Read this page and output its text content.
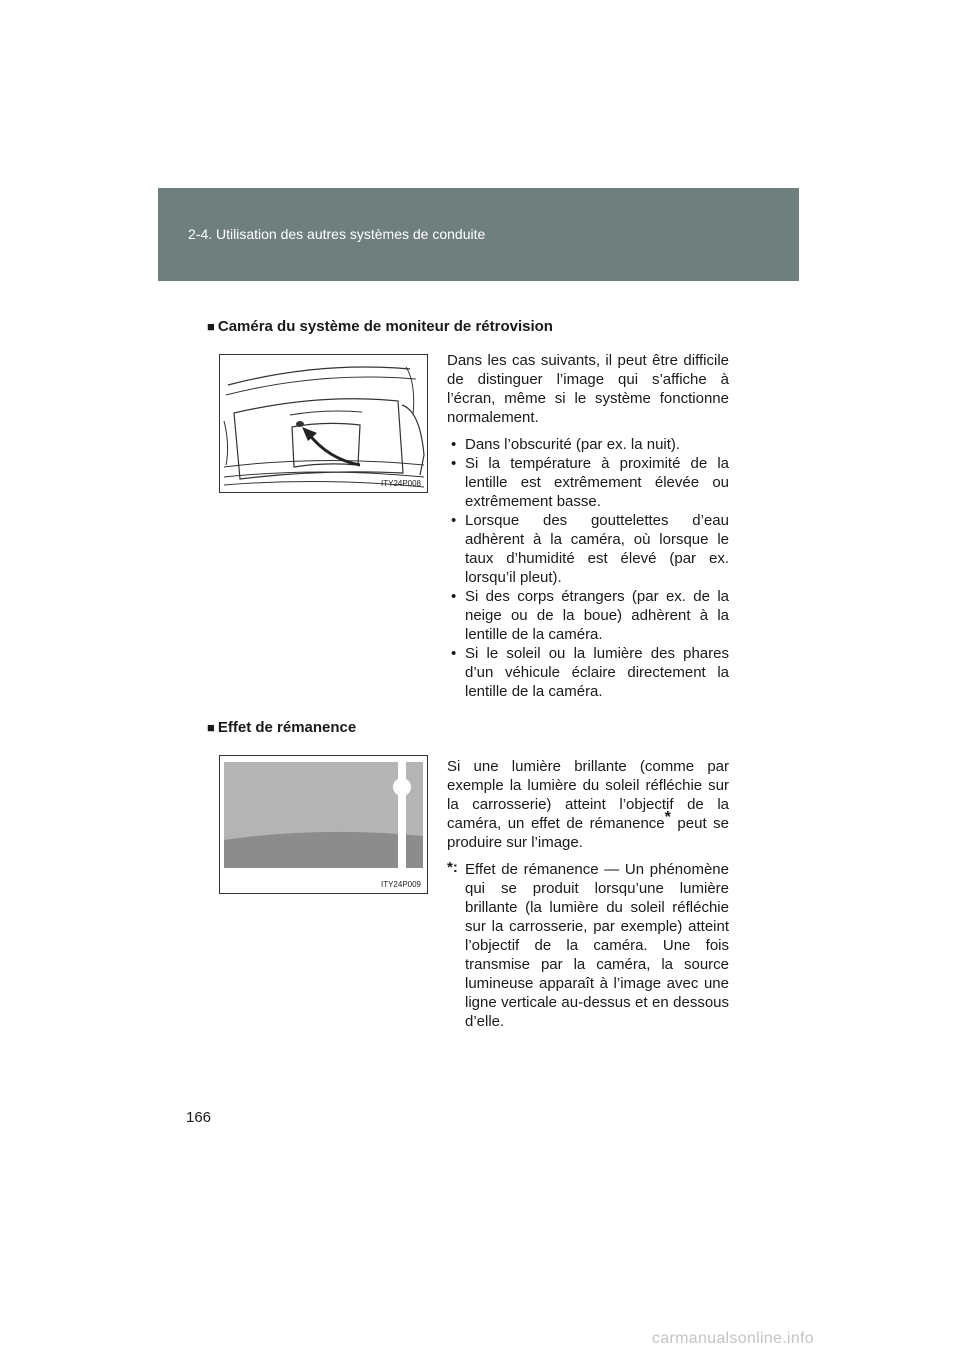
2-4. Utilisation des autres systèmes de conduite
■ Caméra du système de moniteur de rétrovision
ITY24P008

Dans les cas suivants, il peut être difficile de distinguer l’image qui s’affiche à l’écran, même si le système fonctionne normalement.

• Dans l’obscurité (par ex. la nuit).
• Si la température à proximité de la lentille est extrêmement élevée ou extrêmement basse.
• Lorsque des gouttelettes d’eau adhèrent à la caméra, où lorsque le taux d’humidité est élevé (par ex. lorsqu’il pleut).
• Si des corps étrangers (par ex. de la neige ou de la boue) adhèrent à la lentille de la caméra.
• Si le soleil ou la lumière des phares d’un véhicule éclaire directement la lentille de la caméra.
■ Effet de rémanence
ITY24P009

Si une lumière brillante (comme par exemple la lumière du soleil réfléchie sur la carrosserie) atteint l’objectif de la caméra, un effet de rémanence* peut se produire sur l’image.

*: Effet de rémanence — Un phénomène qui se produit lorsqu’une lumière brillante (la lumière du soleil réfléchie sur la carrosserie, par exemple) atteint l’objectif de la caméra. Une fois transmise par la caméra, la source lumineuse apparaît à l’image avec une ligne verticale au-dessus et en dessous d’elle.
166
carmanualsonline.info
